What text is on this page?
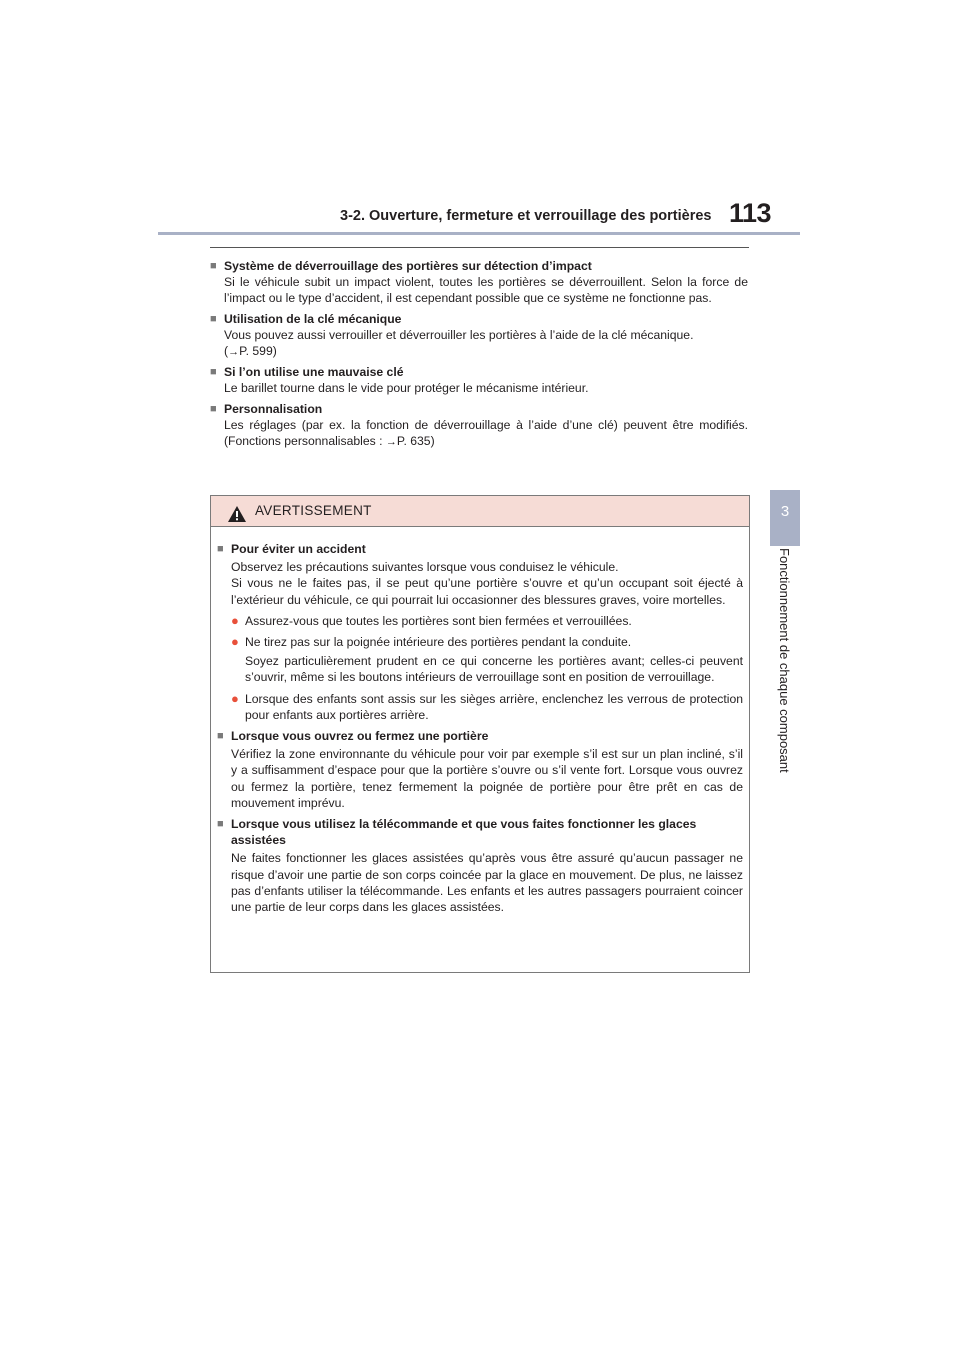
3-2. Ouverture, fermeture et verrouillage des portières 113
3
Fonctionnement de chaque composant
■ Système de déverrouillage des portières sur détection d’impact
Si le véhicule subit un impact violent, toutes les portières se déverrouillent. Selon la force de l’impact ou le type d’accident, il est cependant possible que ce système ne fonctionne pas.
■ Utilisation de la clé mécanique
Vous pouvez aussi verrouiller et déverrouiller les portières à l’aide de la clé mécanique.
(→P. 599)
■ Si l’on utilise une mauvaise clé
Le barillet tourne dans le vide pour protéger le mécanisme intérieur.
■ Personnalisation
Les réglages (par ex. la fonction de déverrouillage à l’aide d’une clé) peuvent être modifiés. (Fonctions personnalisables : →P. 635)
AVERTISSEMENT
■ Pour éviter un accident
Observez les précautions suivantes lorsque vous conduisez le véhicule.
Si vous ne le faites pas, il se peut qu’une portière s’ouvre et qu’un occupant soit éjecté à l’extérieur du véhicule, ce qui pourrait lui occasionner des blessures graves, voire mortelles.
● Assurez-vous que toutes les portières sont bien fermées et verrouillées.
● Ne tirez pas sur la poignée intérieure des portières pendant la conduite.
Soyez particulièrement prudent en ce qui concerne les portières avant; celles-ci peuvent s’ouvrir, même si les boutons intérieurs de verrouillage sont en position de verrouillage.
● Lorsque des enfants sont assis sur les sièges arrière, enclenchez les verrous de protection pour enfants aux portières arrière.
■ Lorsque vous ouvrez ou fermez une portière
Vérifiez la zone environnante du véhicule pour voir par exemple s’il est sur un plan incliné, s’il y a suffisamment d’espace pour que la portière s’ouvre ou s’il vente fort. Lorsque vous ouvrez ou fermez la portière, tenez fermement la poignée de portière pour être prêt en cas de mouvement imprévu.
■ Lorsque vous utilisez la télécommande et que vous faites fonctionner les glaces assistées
Ne faites fonctionner les glaces assistées qu’après vous être assuré qu’aucun passager ne risque d’avoir une partie de son corps coincée par la glace en mouvement. De plus, ne laissez pas d’enfants utiliser la télécommande. Les enfants et les autres passagers pourraient coincer une partie de leur corps dans les glaces assistées.
